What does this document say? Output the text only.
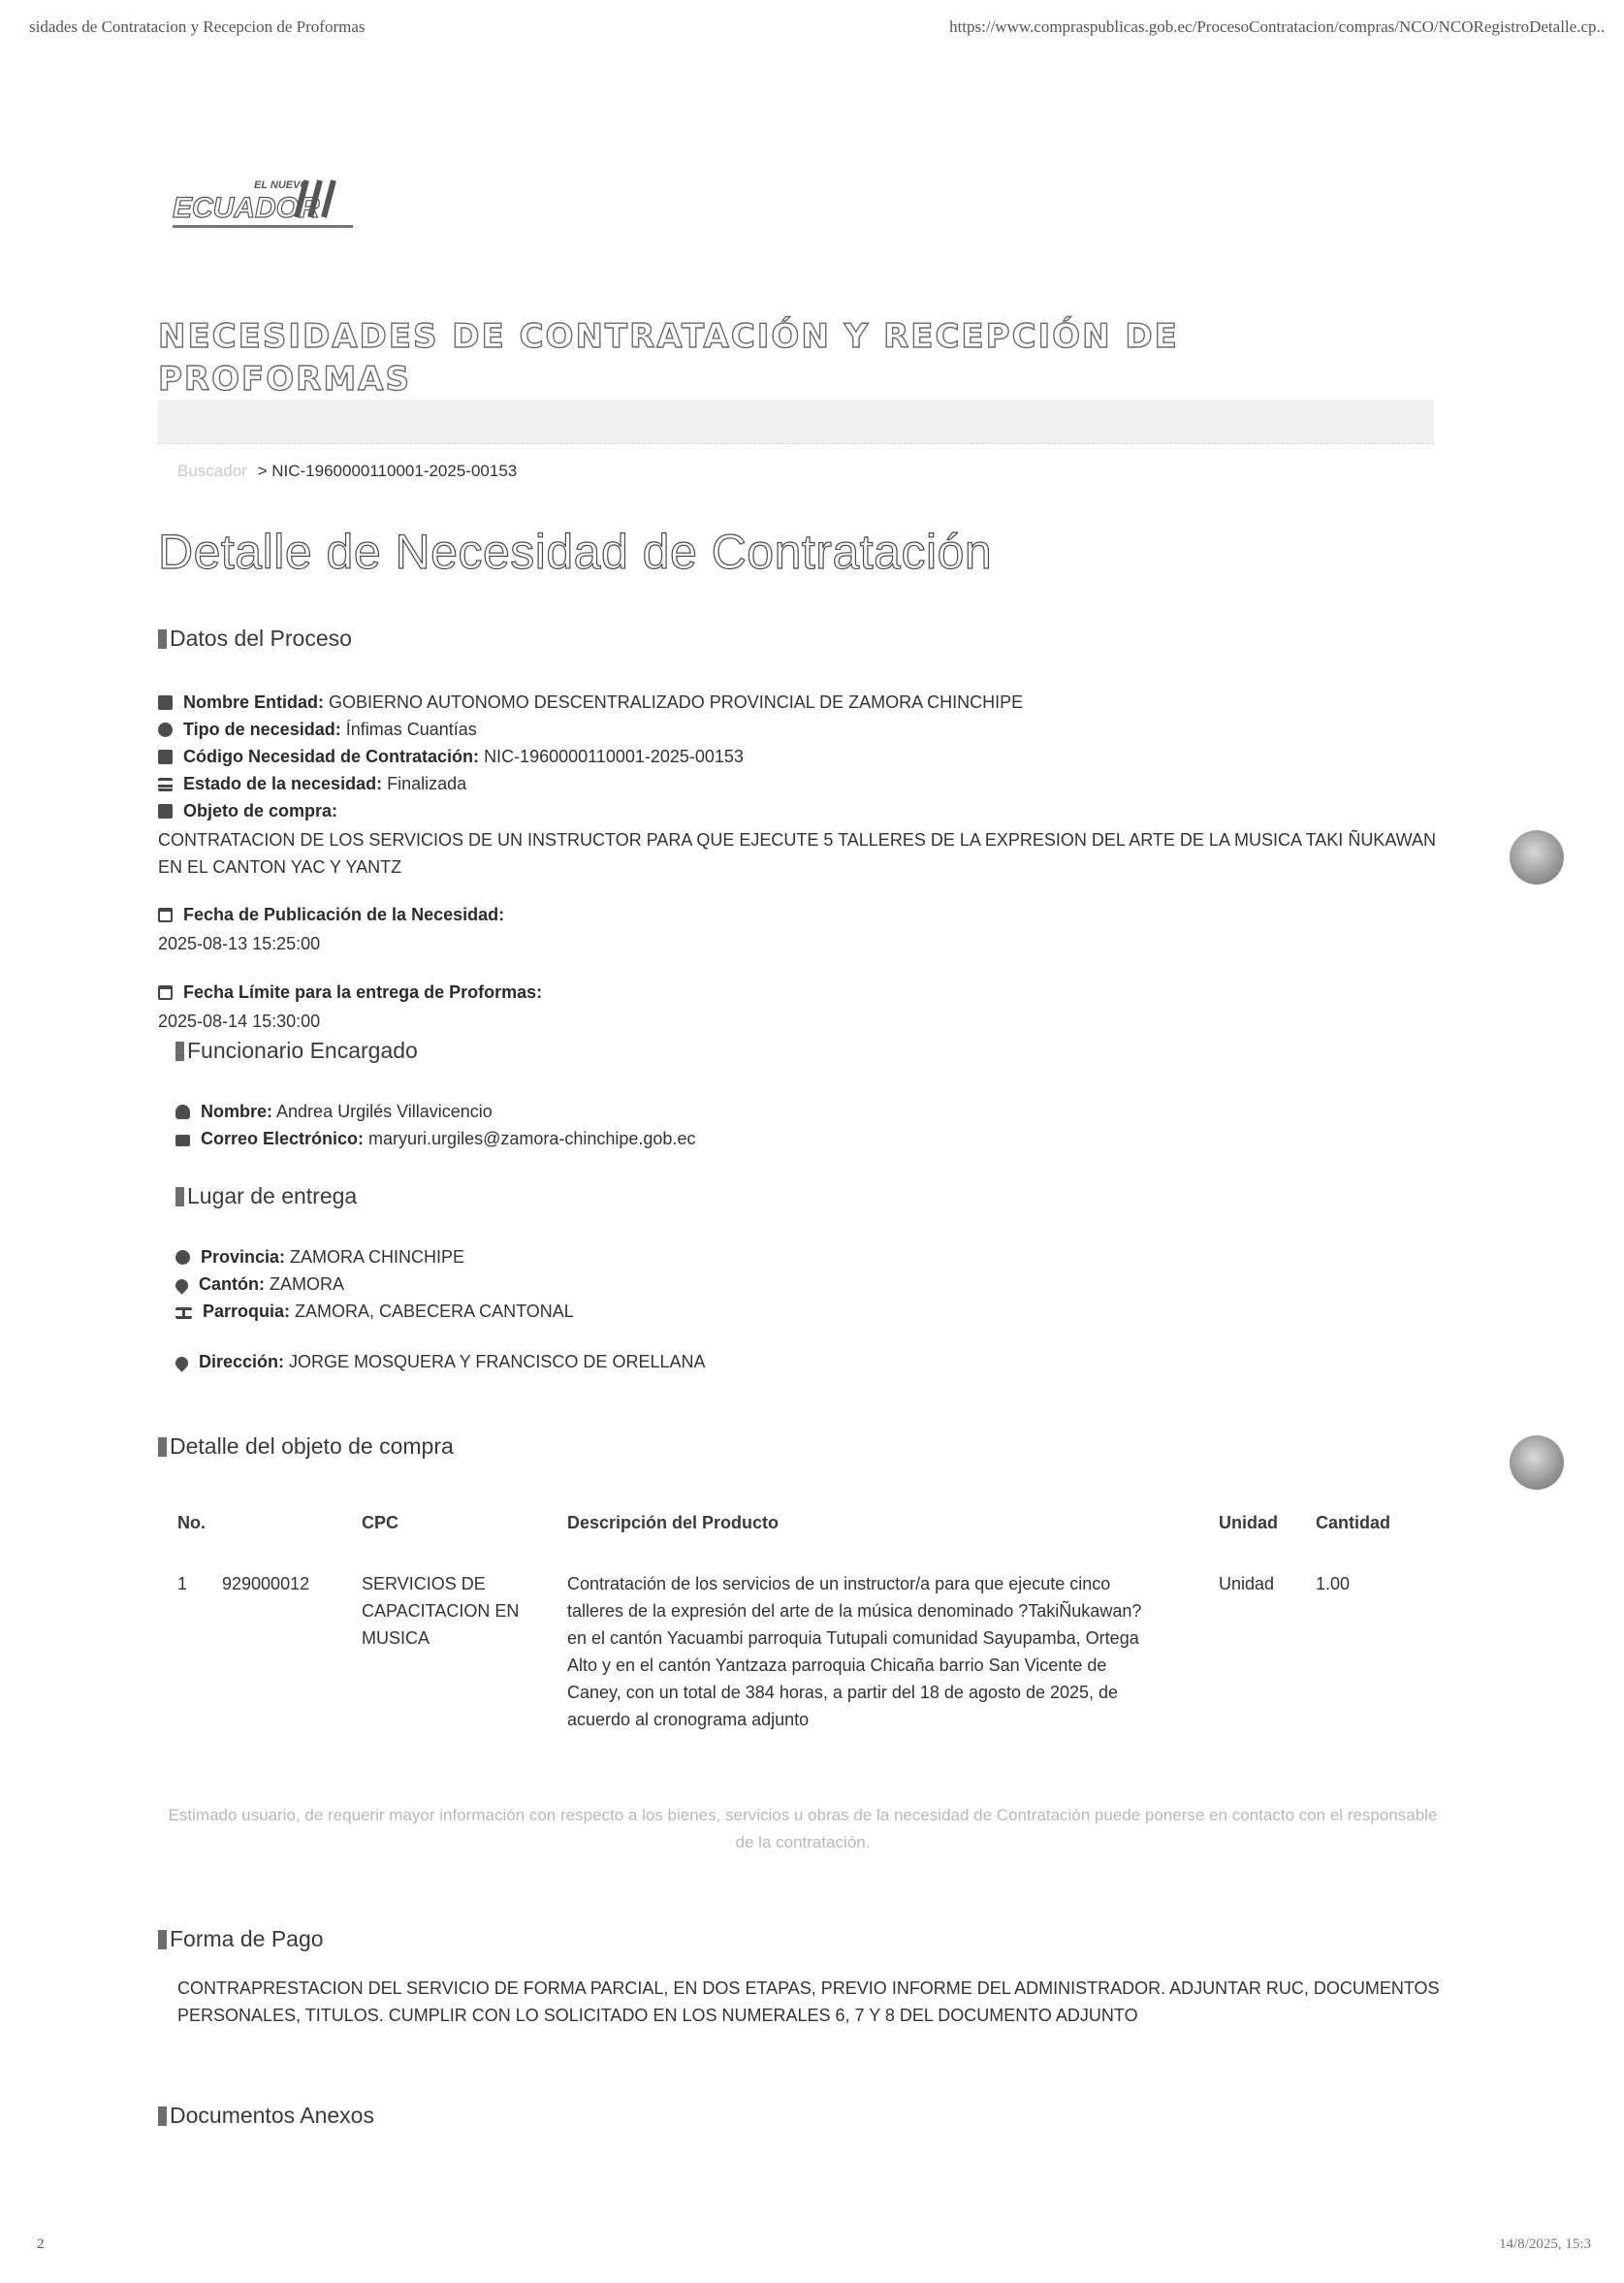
sidades de Contratacion y Recepcion de Proformas	https://www.compraspublicas.gob.ec/ProcesoContratacion/compras/NCO/NCORegistroDetalle.cp..
EL NUEVO
ECUADOR
NECESIDADES DE CONTRATACIÓN Y RECEPCIÓN DE PROFORMAS
Buscador > NIC-1960000110001-2025-00153
Detalle de Necesidad de Contratación
Datos del Proceso
Nombre Entidad: GOBIERNO AUTONOMO DESCENTRALIZADO PROVINCIAL DE ZAMORA CHINCHIPE
Tipo de necesidad: Ínfimas Cuantías
Código Necesidad de Contratación: NIC-1960000110001-2025-00153
Estado de la necesidad: Finalizada
Objeto de compra:
CONTRATACION DE LOS SERVICIOS DE UN INSTRUCTOR PARA QUE EJECUTE 5 TALLERES DE LA EXPRESION DEL ARTE DE LA MUSICA TAKI ÑUKAWAN EN EL CANTON YAC Y YANTZ
Fecha de Publicación de la Necesidad:
2025-08-13 15:25:00
Fecha Límite para la entrega de Proformas:
2025-08-14 15:30:00
Funcionario Encargado
Nombre: Andrea Urgilés Villavicencio
Correo Electrónico: maryuri.urgiles@zamora-chinchipe.gob.ec
Lugar de entrega
Provincia: ZAMORA CHINCHIPE
Cantón: ZAMORA
Parroquia: ZAMORA, CABECERA CANTONAL
Dirección: JORGE MOSQUERA Y FRANCISCO DE ORELLANA
Detalle del objeto de compra
No.	CPC	Descripción del Producto	Unidad	Cantidad
1 929000012	SERVICIOS DE CAPACITACION EN MUSICA	Contratación de los servicios de un instructor/a para que ejecute cinco talleres de la expresión del arte de la música denominado ?TakiÑukawan? en el cantón Yacuambi parroquia Tutupali comunidad Sayupamba, Ortega Alto y en el cantón Yantzaza parroquia Chicaña barrio San Vicente de Caney, con un total de 384 horas, a partir del 18 de agosto de 2025, de acuerdo al cronograma adjunto	Unidad	1.00
Estimado usuario, de requerir mayor información con respecto a los bienes, servicios u obras de la necesidad de Contratación puede ponerse en contacto con el responsable de la contratación.
Forma de Pago
CONTRAPRESTACION DEL SERVICIO DE FORMA PARCIAL, EN DOS ETAPAS, PREVIO INFORME DEL ADMINISTRADOR. ADJUNTAR RUC, DOCUMENTOS PERSONALES, TITULOS. CUMPLIR CON LO SOLICITADO EN LOS NUMERALES 6, 7 Y 8 DEL DOCUMENTO ADJUNTO
Documentos Anexos
2	14/8/2025, 15:3
